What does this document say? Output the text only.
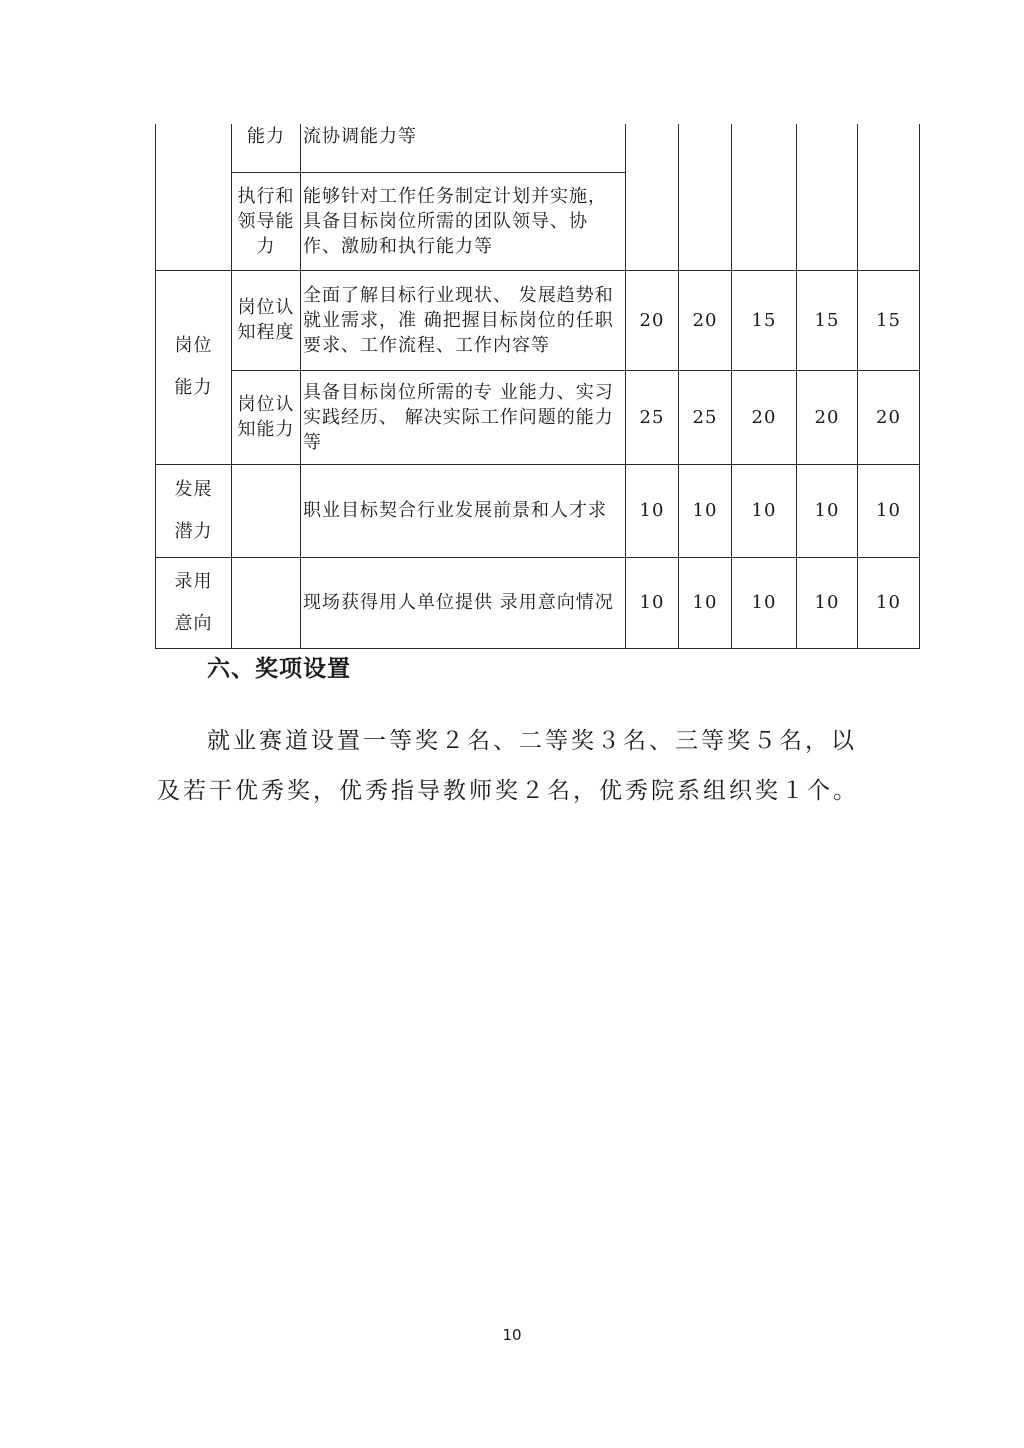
	能力	流协调能力等					

	执行和
领导能
力	能够针对工作任务制定计划并实施，具备目标岗位所需的团队领导、协作、激励和执行能力等					

岗位
能力	岗位认
知程度	全面了解目标行业现状、 发展趋势和就业需求，准 确把握目标岗位的任职要求、工作流程、工作内容等	20	20	15	15	15

	岗位认
知能力	具备目标岗位所需的专 业能力、实习实践经历、 解决实际工作问题的能力等	25	25	20	20	20

发展
潜力		职业目标契合行业发展前景和人才求	10	10	10	10	10

录用
意向		现场获得用人单位提供 录用意向情况	10	10	10	10	10
六、奖项设置

就业赛道设置一等奖２名、二等奖３名、三等奖５名，以及若干优秀奖，优秀指导教师奖２名，优秀院系组织奖１个。

10
